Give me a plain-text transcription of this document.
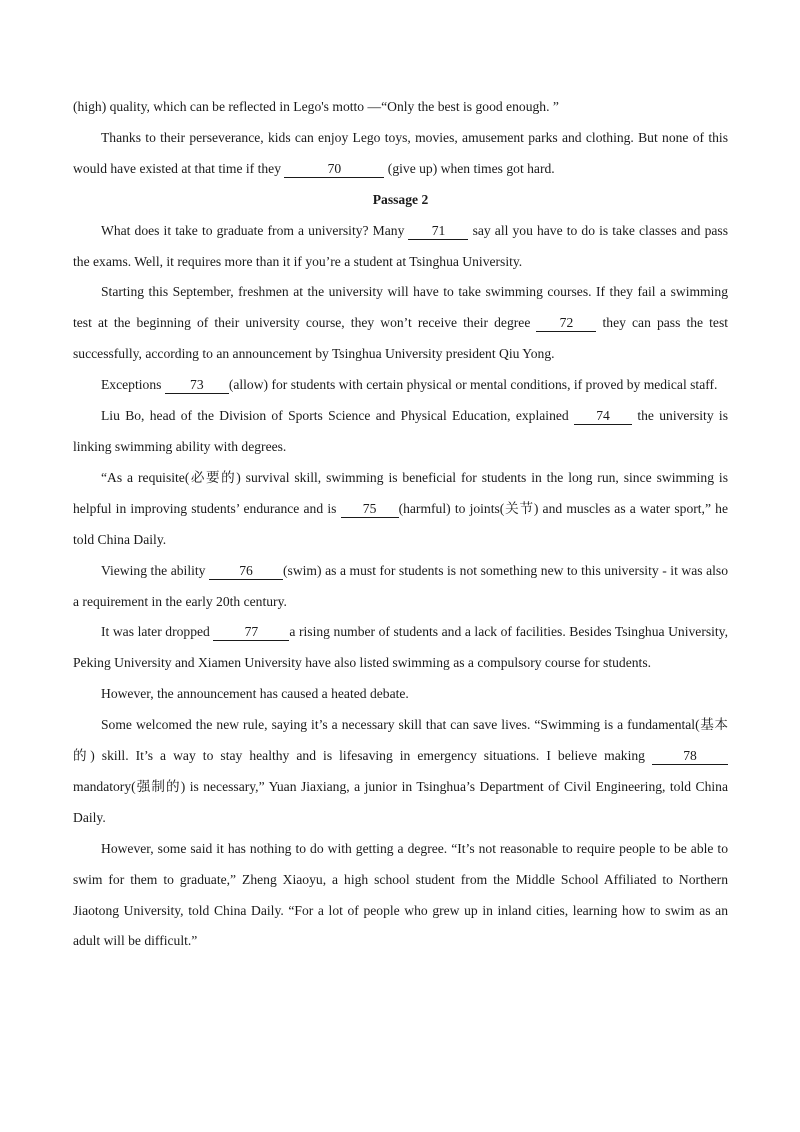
(high) quality, which can be reflected in Lego's motto —“Only the best is good enough. ”

Thanks to their perseverance, kids can enjoy Lego toys, movies, amusement parks and clothing. But none of this would have existed at that time if they	70	(give up) when times got hard.

Passage 2

What does it take to graduate from a university? Many 71 say all you have to do is take classes and pass the exams. Well, it requires more than it if you’re a student at Tsinghua University.

Starting this September, freshmen at the university will have to take swimming courses. If they fail a swimming test at the beginning of their university course, they won’t receive their degree 72 they can pass the test successfully, according to an announcement by Tsinghua University president Qiu Yong.

Exceptions 73 (allow) for students with certain physical or mental conditions, if proved by medical staff.

Liu Bo, head of the Division of Sports Science and Physical Education, explained 74 the university is linking swimming ability with degrees.

“As a requisite(必要的) survival skill, swimming is beneficial for students in the long run, since swimming is helpful in improving students’ endurance and is 75 (harmful) to joints(关节) and muscles as a water sport,” he told China Daily.

Viewing the ability 76 (swim) as a must for students is not something new to this university - it was also a requirement in the early 20th century.

It was later dropped 77 a rising number of students and a lack of facilities. Besides Tsinghua University, Peking University and Xiamen University have also listed swimming as a compulsory course for students.

However, the announcement has caused a heated debate.

Some welcomed the new rule, saying it’s a necessary skill that can save lives. “Swimming is a fundamental(基本的) skill. It’s a way to stay healthy and is lifesaving in emergency situations. I believe making 78 mandatory(强制的) is necessary,” Yuan Jiaxiang, a junior in Tsinghua’s Department of Civil Engineering, told China Daily.

However, some said it has nothing to do with getting a degree. “It’s not reasonable to require people to be able to swim for them to graduate,” Zheng Xiaoyu, a high school student from the Middle School Affiliated to Northern Jiaotong University, told China Daily. “For a lot of people who grew up in inland cities, learning how to swim as an adult will be difficult.”
